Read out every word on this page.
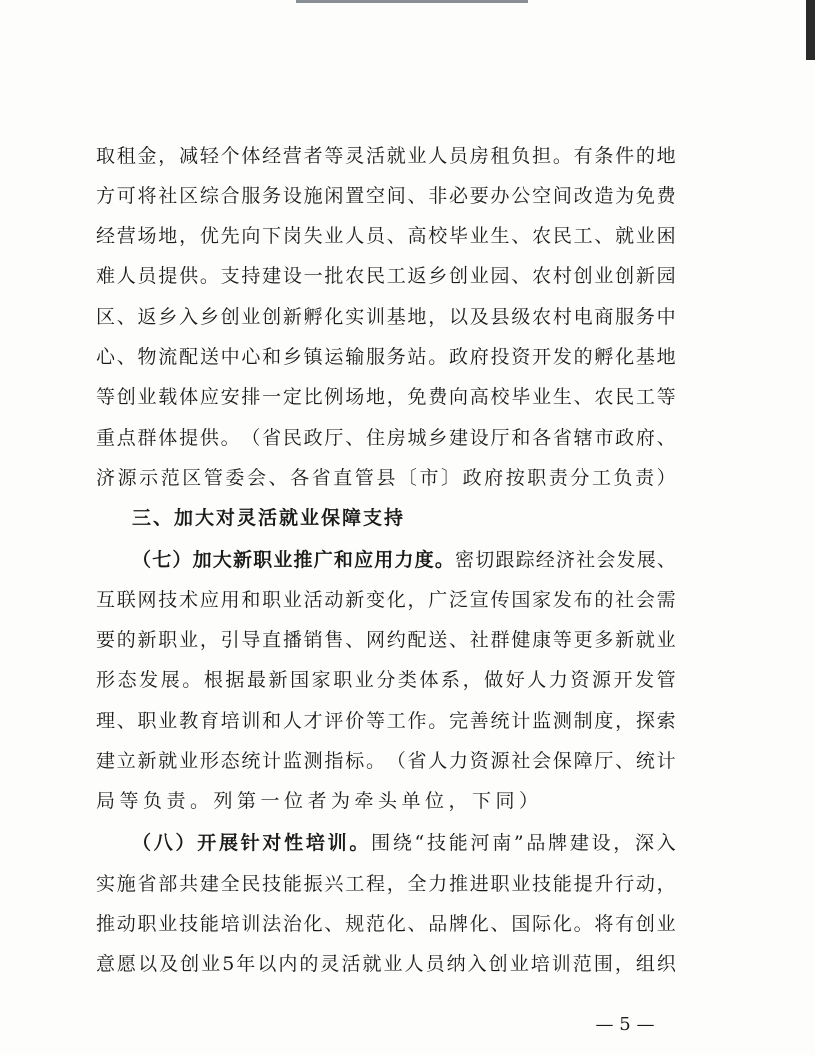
取 租 金 ， 减 轻 个 体 经 营 者 等 灵 活 就 业 人 员 房 租 负 担 。 有 条 件 的 地
方 可 将 社 区 综 合 服 务 设 施 闲 置 空 间 、 非 必 要 办 公 空 间 改 造 为 免 费
经 营 场 地 ， 优 先 向 下 岗 失 业 人 员 、 高 校 毕 业 生 、 农 民 工 、 就 业 困
难 人 员 提 供 。 支 持 建 设 一 批 农 民 工 返 乡 创 业 园 、 农 村 创 业 创 新 园
区 、 返 乡 入 乡 创 业 创 新 孵 化 实 训 基 地 ， 以 及 县 级 农 村 电 商 服 务 中
心 、 物 流 配 送 中 心 和 乡 镇 运 输 服 务 站 。 政 府 投 资 开 发 的 孵 化 基 地
等 创 业 载 体 应 安 排 一 定 比 例 场 地 ， 免 费 向 高 校 毕 业 生 、 农 民 工 等
重 点 群 体 提 供 。 （ 省 民 政 厅 、 住 房 城 乡 建 设 厅 和 各 省 辖 市 政 府 、
济 源 示 范 区 管 委 会 、 各 省 直 管 县 〔 市 〕 政 府 按 职 责 分 工 负 责 ）
三、加大对灵活就业保障支持
（ 七 ） 加 大 新 职 业 推 广 和 应 用 力 度 。 密 切 跟 踪 经 济 社 会 发 展 、
互 联 网 技 术 应 用 和 职 业 活 动 新 变 化 ， 广 泛 宣 传 国 家 发 布 的 社 会 需
要 的 新 职 业 ， 引 导 直 播 销 售 、 网 约 配 送 、 社 群 健 康 等 更 多 新 就 业
形 态 发 展 。 根 据 最 新 国 家 职 业 分 类 体 系 ， 做 好 人 力 资 源 开 发 管
理 、 职 业 教 育 培 训 和 人 才 评 价 等 工 作 。 完 善 统 计 监 测 制 度 ， 探 索
建 立 新 就 业 形 态 统 计 监 测 指 标 。 （ 省 人 力 资 源 社 会 保 障 厅 、 统 计
局等负责。列第一位者为牵头单位，下同）
（ 八 ） 开 展 针 对 性 培 训 。 围 绕 “ 技 能 河 南 ” 品 牌 建 设 ， 深 入
实 施 省 部 共 建 全 民 技 能 振 兴 工 程 ， 全 力 推 进 职 业 技 能 提 升 行 动 ，
推 动 职 业 技 能 培 训 法 治 化 、 规 范 化 、 品 牌 化 、 国 际 化 。 将 有 创 业
意 愿 以 及 创 业 5 年 以 内 的 灵 活 就 业 人 员 纳 入 创 业 培 训 范 围 ， 组 织
— 5 —
